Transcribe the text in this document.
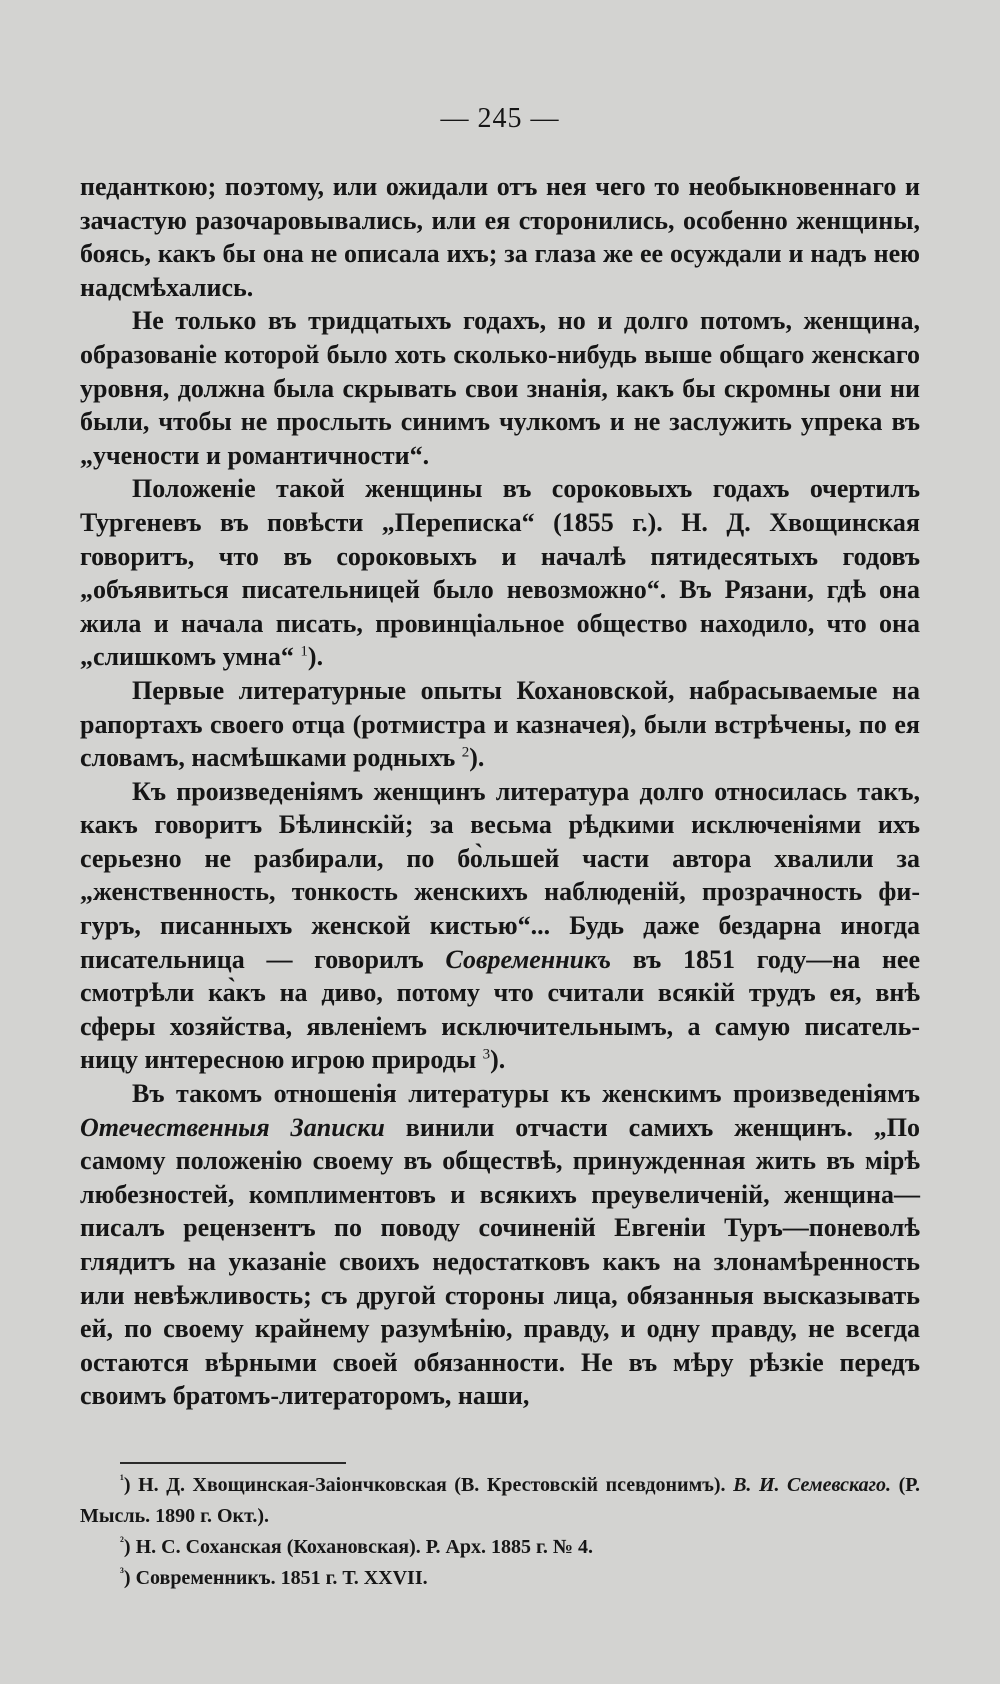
— 245 —

педанткою; поэтому, или ожидали отъ нея чего то необыкновеннаго и зачастую разочаровывались, или ея сторонились, особенно женщины, боясь, какъ бы она не описала ихъ; за глаза же ее осуждали и надъ нею надсмѣхались.

Не только въ тридцатыхъ годахъ, но и долго потомъ, женщина, образованіе которой было хоть сколько-нибудь выше общаго женскаго уровня, должна была скрывать свои знанія, какъ бы скромны они ни были, чтобы не прослыть синимъ чулкомъ и не заслужить упрека въ „учености и романтичности“.

Положеніе такой женщины въ сороковыхъ годахъ очертилъ Тургеневъ въ повѣсти „Переписка“ (1855 г.). Н. Д. Хвощинская говоритъ, что въ сороковыхъ и началѣ пятидесятыхъ годовъ „объявиться писательницей было невозможно“. Въ Рязани, гдѣ она жила и начала писать, провинціальное общество находило, что она „слишкомъ умна“ $^1$).

Первые литературные опыты Кохановской, набрасываемые на рапортахъ своего отца (ротмистра и казначея), были встрѣчены, по ея словамъ, насмѣшками родныхъ $^2$).

Къ произведеніямъ женщинъ литература долго относилась такъ, какъ говоритъ Бѣлинскій; за весьма рѣдкими исключеніями ихъ серьезно не разбирали, по бо̀льшей части автора хвалили за „женственность, тонкость женскихъ наблюденій, прозрачность фигуръ, писанныхъ женской кистью“... Будь даже бездарна иногда писательница — говорилъ Современникъ въ 1851 году—на нее смотрѣли ка̀къ на диво, потому что считали всякій трудъ ея, внѣ сферы хозяйства, явленіемъ исключительнымъ, а самую писательницу интересною игрою природы $^3$).

Въ такомъ отношенія литературы къ женскимъ произведеніямъ Отечественныя Записки винили отчасти самихъ женщинъ. „По самому положенію своему въ обществѣ, принужденная жить въ мірѣ любезностей, комплиментовъ и всякихъ преувеличеній, женщина—писалъ рецензентъ по поводу сочиненій Евгеніи Туръ—поневолѣ глядитъ на указаніе своихъ недостатковъ какъ на злонамѣренность или невѣжливость; съ другой стороны лица, обязанныя высказывать ей, по своему крайнему разумѣнію, правду, и одну правду, не всегда остаются вѣрными своей обязанности. Не въ мѣру рѣзкіе передъ своимъ братомъ-литераторомъ, наши,

$^{^1}$) Н. Д. Хвощинская-Заіончковская (В. Крестовскій псевдонимъ). В. И. Семевскаго. (Р. Мысль. 1890 г. Окт.).

$^{^2}$) Н. С. Соханская (Кохановская). Р. Арх. 1885 г. № 4.

$^{^3}$) Современникъ. 1851 г. Т. XXVII.
